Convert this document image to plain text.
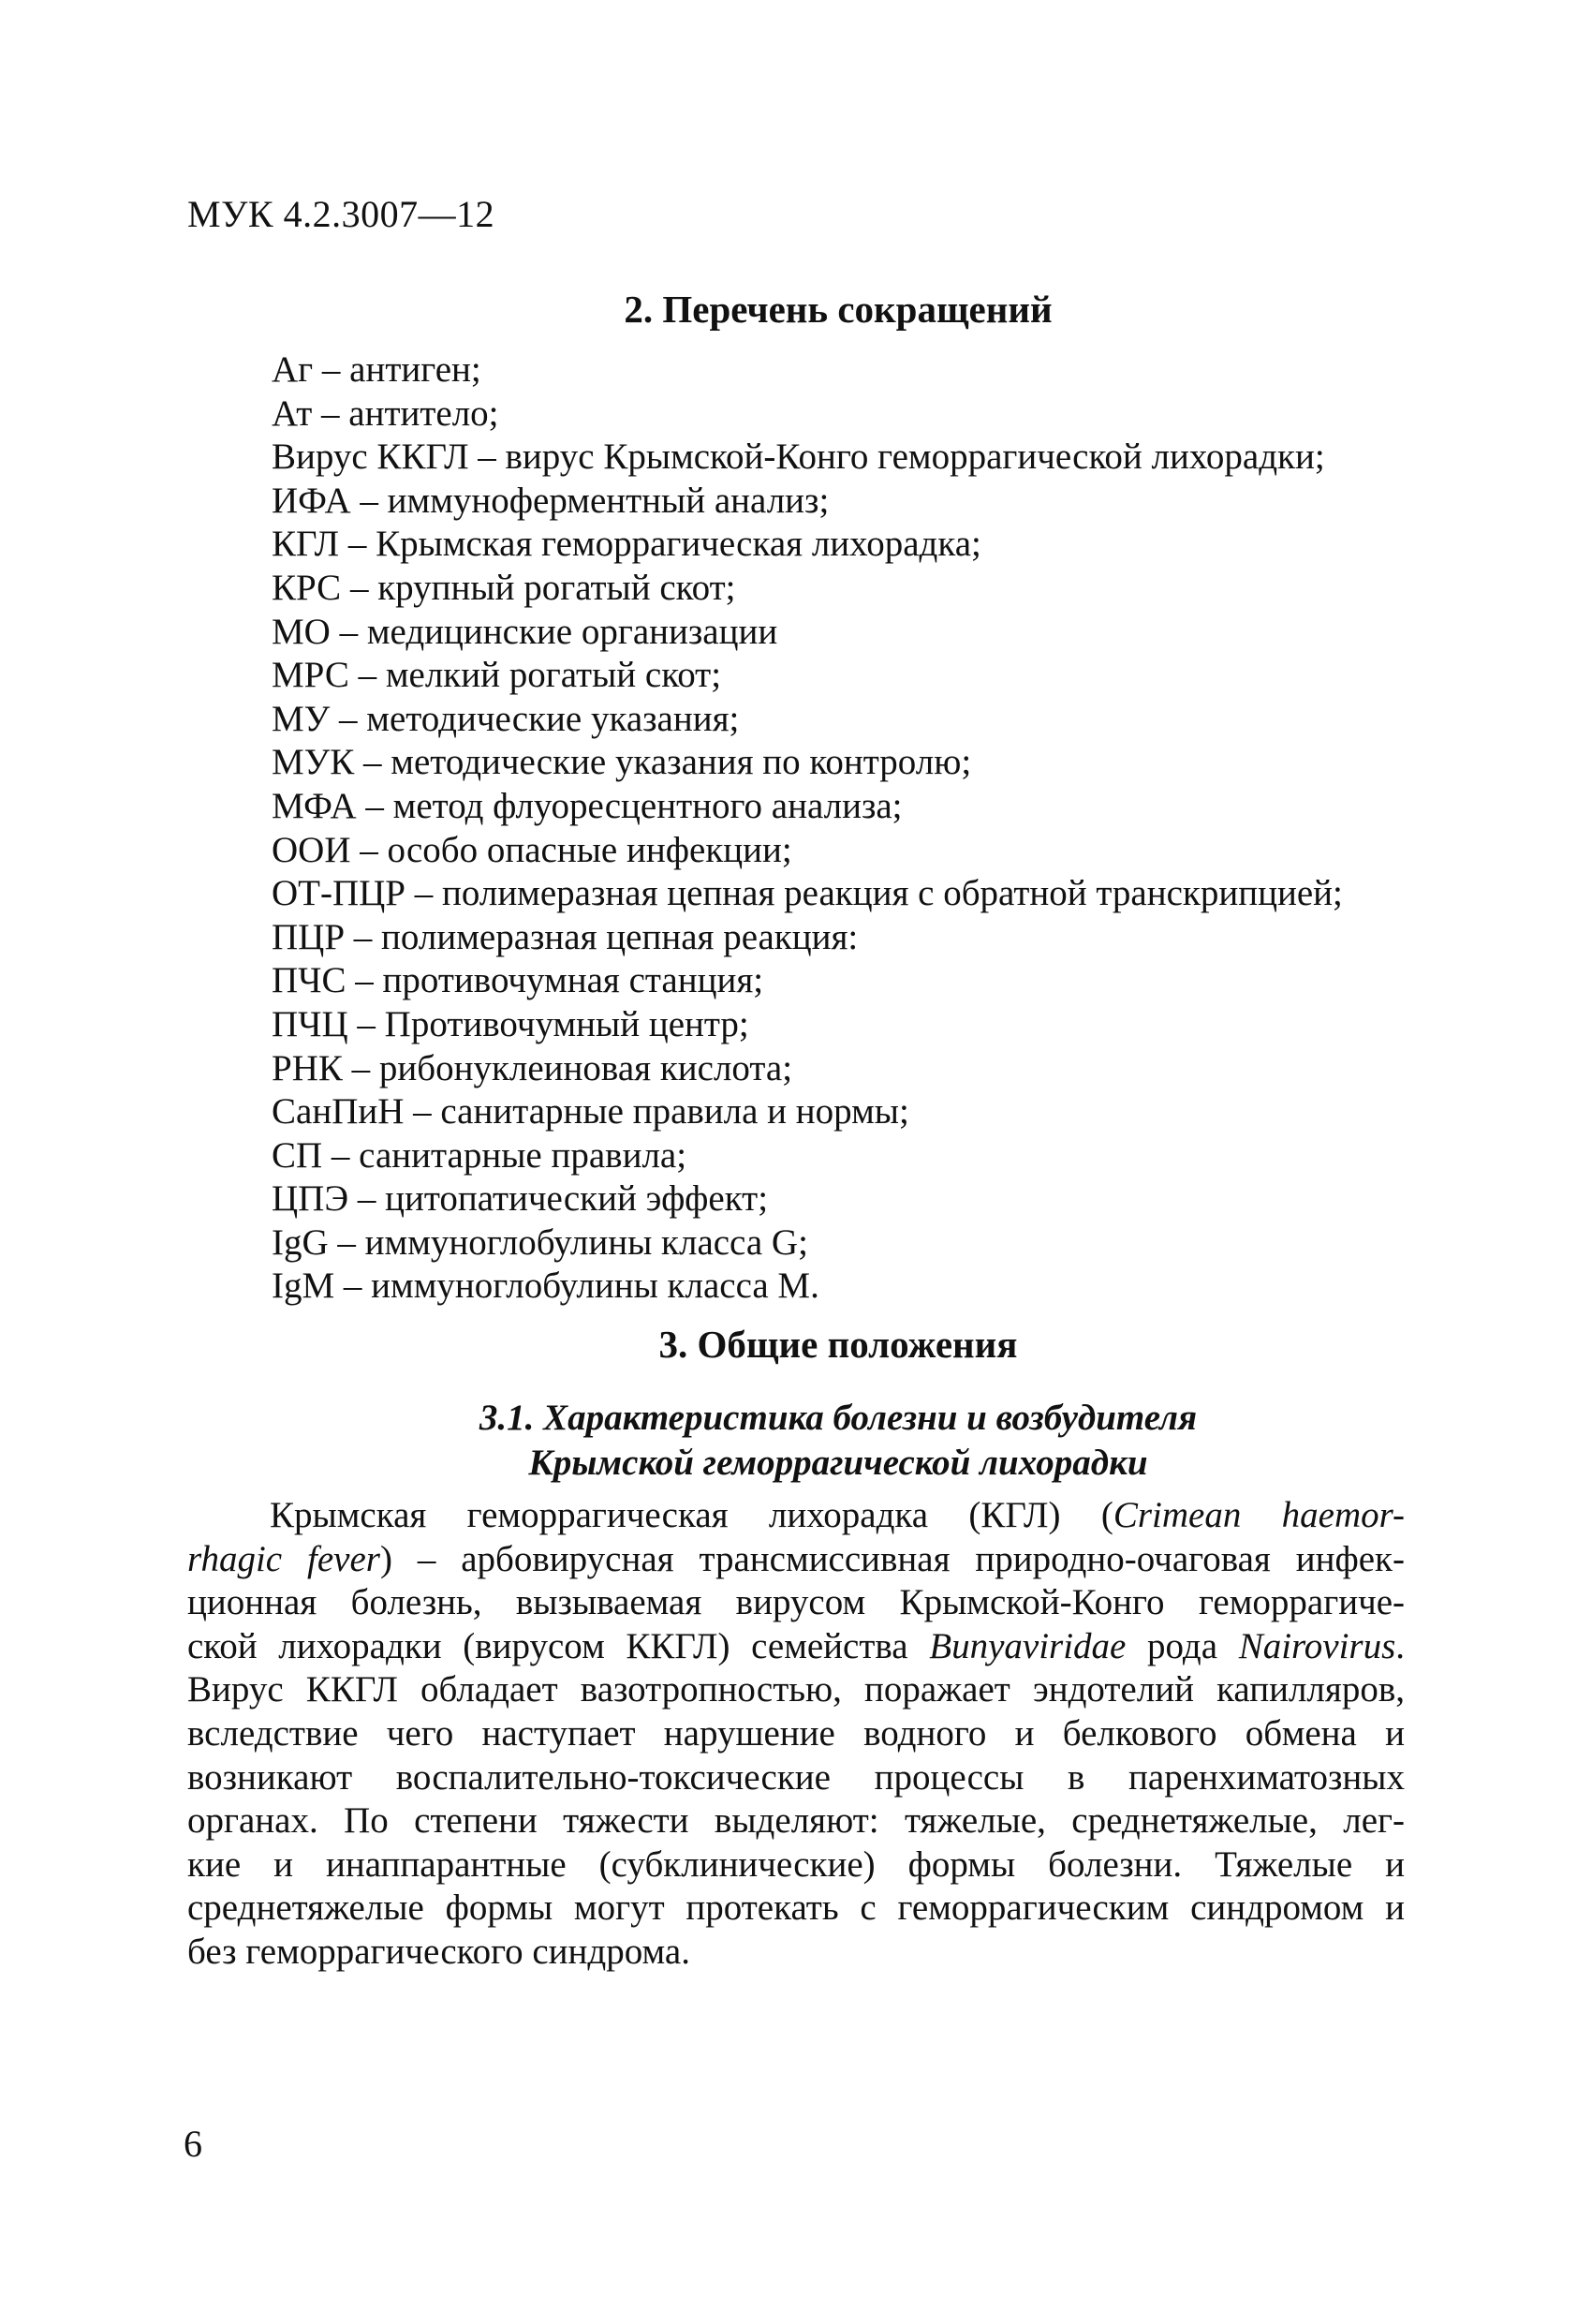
МУК 4.2.3007—12
2. Перечень сокращений
Аг – антиген;
Ат – антитело;
Вирус ККГЛ – вирус Крымской-Конго геморрагической лихорадки;
ИФА – иммуноферментный анализ;
КГЛ – Крымская геморрагическая лихорадка;
КРС – крупный рогатый скот;
МО – медицинские организации
МРС – мелкий рогатый скот;
МУ – методические указания;
МУК – методические указания по контролю;
МФА – метод флуоресцентного анализа;
ООИ – особо опасные инфекции;
ОТ-ПЦР – полимеразная цепная реакция с обратной транскрипцией;
ПЦР – полимеразная цепная реакция:
ПЧС – противочумная станция;
ПЧЦ – Противочумный центр;
РНК – рибонуклеиновая кислота;
СанПиН – санитарные правила и нормы;
СП – санитарные правила;
ЦПЭ – цитопатический эффект;
IgG – иммуноглобулины класса G;
IgM – иммуноглобулины класса М.
3. Общие положения
3.1. Характеристика болезни и возбудителя
Крымской геморрагической лихорадки
Крымская геморрагическая лихорадка (КГЛ) (Crimean haemor-
rhagic fever) – арбовирусная трансмиссивная природно-очаговая инфек-
ционная болезнь, вызываемая вирусом Крымской-Конго геморрагиче-
ской лихорадки (вирусом ККГЛ) семейства Bunyaviridae рода Nairovirus.
Вирус ККГЛ обладает вазотропностью, поражает эндотелий капилляров,
вследствие чего наступает нарушение водного и белкового обмена и
возникают воспалительно-токсические процессы в паренхиматозных
органах. По степени тяжести выделяют: тяжелые, среднетяжелые, лег-
кие и инаппарантные (субклинические) формы болезни. Тяжелые и
среднетяжелые формы могут протекать с геморрагическим синдромом и
без геморрагического синдрома.
6
